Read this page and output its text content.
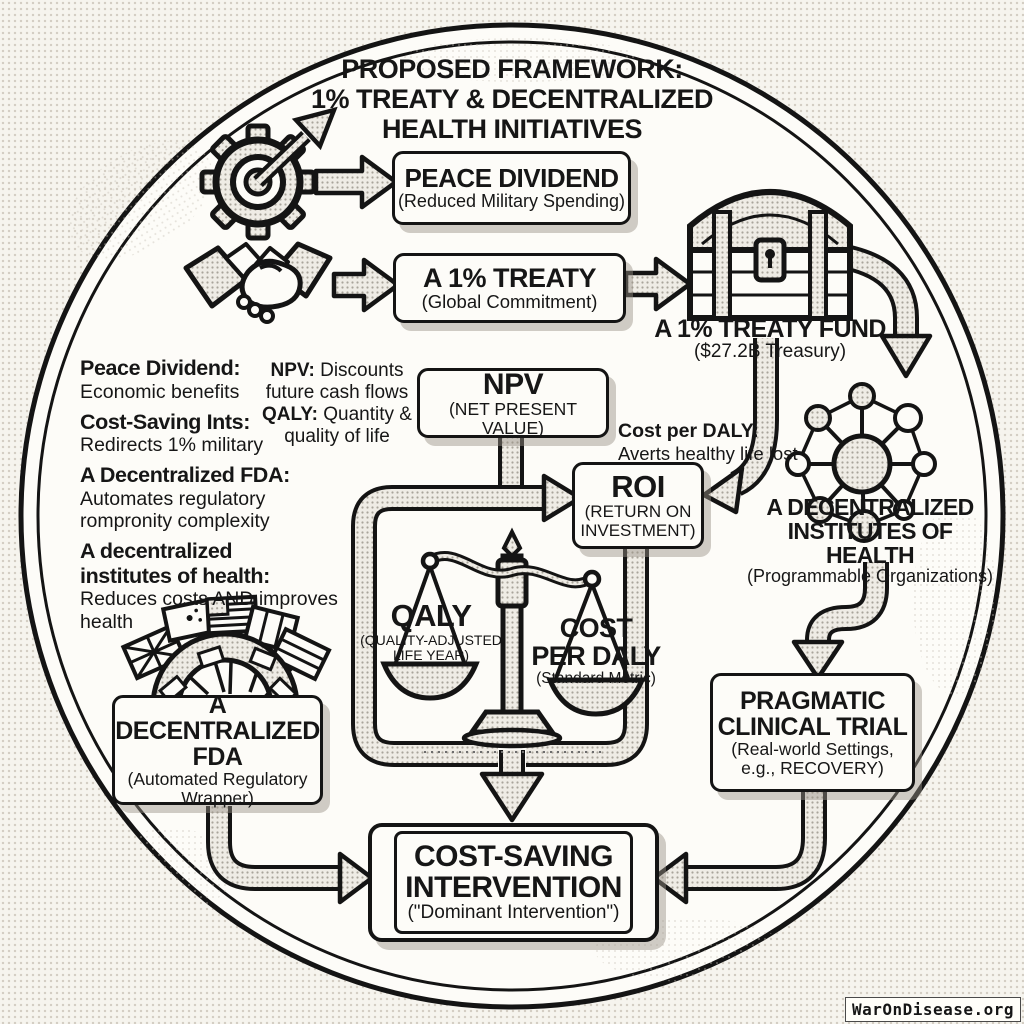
PROPOSED FRAMEWORK:
1% TREATY & DECENTRALIZED
HEALTH INITIATIVES
PEACE DIVIDEND
(Reduced Military Spending)
A 1% TREATY
(Global Commitment)
A 1% TREATY FUND
($27.2B Treasury)
NPV
(NET PRESENT VALUE)
ROI
(RETURN ON
INVESTMENT)
A DECENTRALIZED
INSTITUTES OF HEALTH
(Programmable Organizations)
A DECENTRALIZED
FDA
(Automated Regulatory Wrapper)
PRAGMATIC
CLINICAL TRIAL
(Real-world Settings,
e.g., RECOVERY)
COST-SAVING
INTERVENTION
("Dominant Intervention")
QALY
(QUALITY-ADJUSTED LIFE YEAR)
COST
PER DALY
(Standard Metric)

Peace Dividend:
Economic benefits

Cost-Saving Ints:
Redirects 1% military

A Decentralized FDA:
Automates regulatory rompronity complexity

A decentralized institutes of health:
Reduces costs AND improves health

NPV: Discounts future cash flows
QALY: Quantity & quality of life	Cost per DALY:
Averts healthy life lost
WarOnDisease.org
